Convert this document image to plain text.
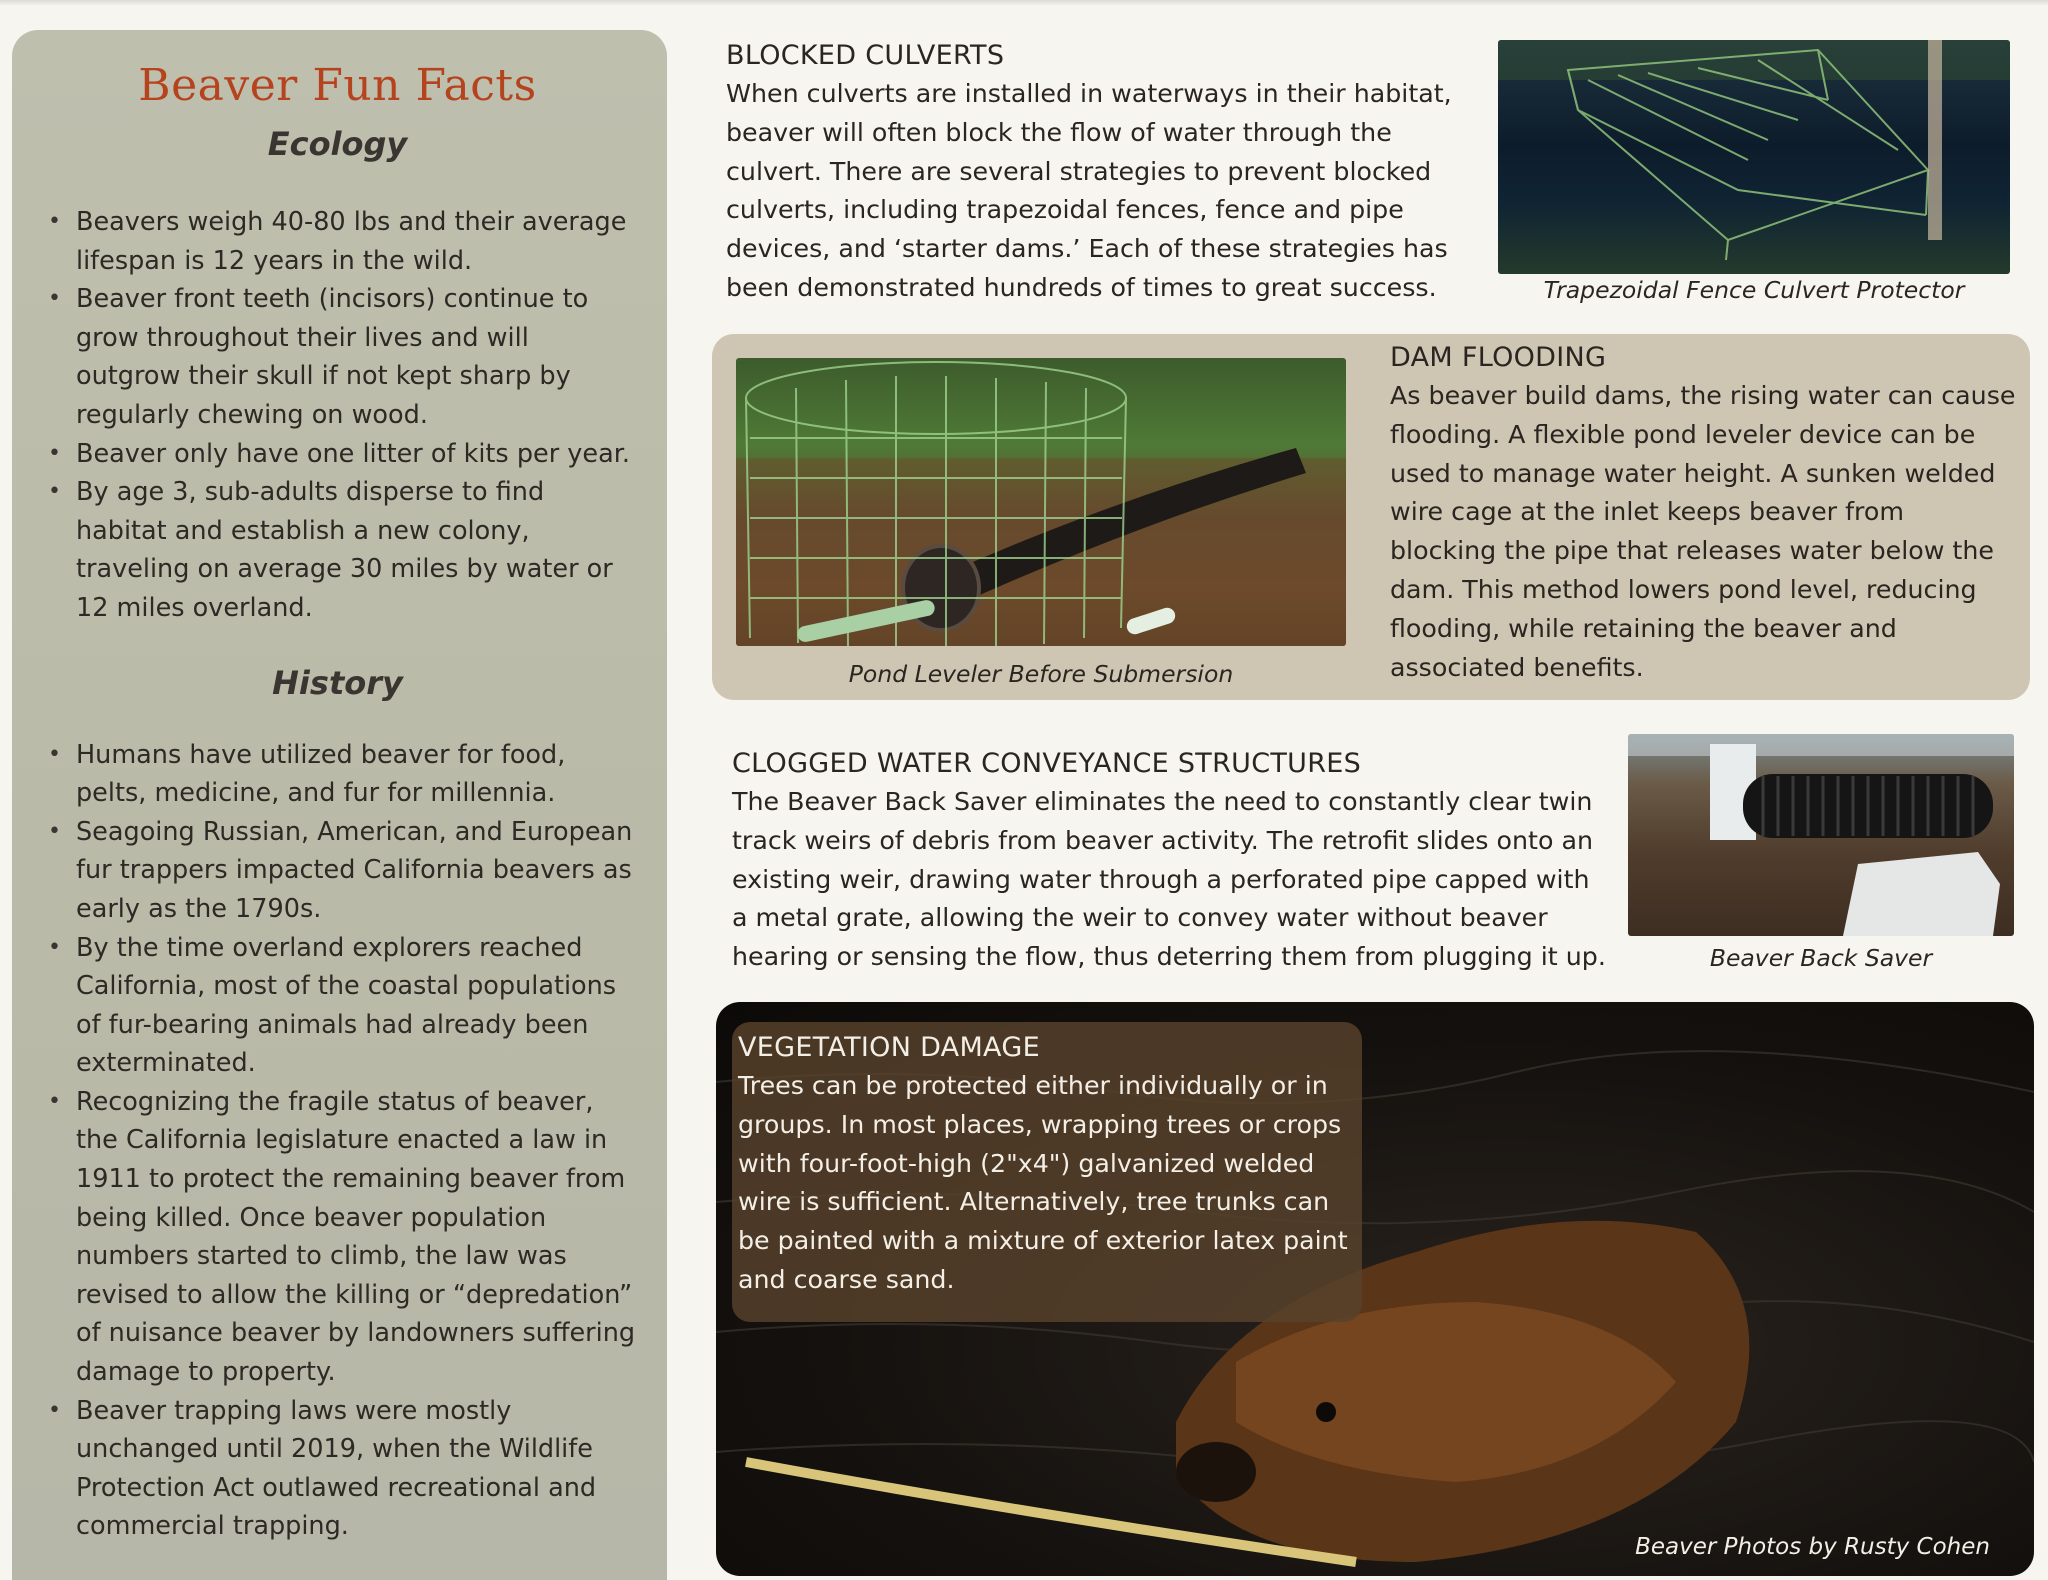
Beaver Fun Facts
Ecology
• Beavers weigh 40-80 lbs and their average lifespan is 12 years in the wild.
• Beaver front teeth (incisors) continue to grow throughout their lives and will outgrow their skull if not kept sharp by regularly chewing on wood.
• Beaver only have one litter of kits per year.
• By age 3, sub-adults disperse to find habitat and establish a new colony, traveling on average 30 miles by water or 12 miles overland.
History
• Humans have utilized beaver for food, pelts, medicine, and fur for millennia.
• Seagoing Russian, American, and European fur trappers impacted California beavers as early as the 1790s.
• By the time overland explorers reached California, most of the coastal populations of fur-bearing animals had already been exterminated.
• Recognizing the fragile status of beaver, the California legislature enacted a law in 1911 to protect the remaining beaver from being killed. Once beaver population numbers started to climb, the law was revised to allow the killing or “depredation” of nuisance beaver by landowners suffering damage to property.
• Beaver trapping laws were mostly unchanged until 2019, when the Wildlife Protection Act outlawed recreational and commercial trapping.
BLOCKED CULVERTS

When culverts are installed in waterways in their habitat, beaver will often block the flow of water through the culvert. There are several strategies to prevent blocked culverts, including trapezoidal fences, fence and pipe devices, and ‘starter dams.’ Each of these strategies has been demonstrated hundreds of times to great success.	Trapezoidal Fence Culvert Protector
Pond Leveler Before Submersion
DAM FLOODING

As beaver build dams, the rising water can cause flooding. A flexible pond leveler device can be used to manage water height. A sunken welded wire cage at the inlet keeps beaver from blocking the pipe that releases water below the dam. This method lowers pond level, reducing flooding, while retaining the beaver and associated benefits.

CLOGGED WATER CONVEYANCE STRUCTURES

The Beaver Back Saver eliminates the need to constantly clear twin track weirs of debris from beaver activity. The retrofit slides onto an existing weir, drawing water through a perforated pipe capped with a metal grate, allowing the weir to convey water without beaver hearing or sensing the flow, thus deterring them from plugging it up.	Beaver Back Saver
VEGETATION DAMAGE

Trees can be protected either individually or in groups. In most places, wrapping trees or crops with four-foot-high (2"x4") galvanized welded wire is sufficient. Alternatively, tree trunks can be painted with a mixture of exterior latex paint and coarse sand.

Beaver Photos by Rusty Cohen
